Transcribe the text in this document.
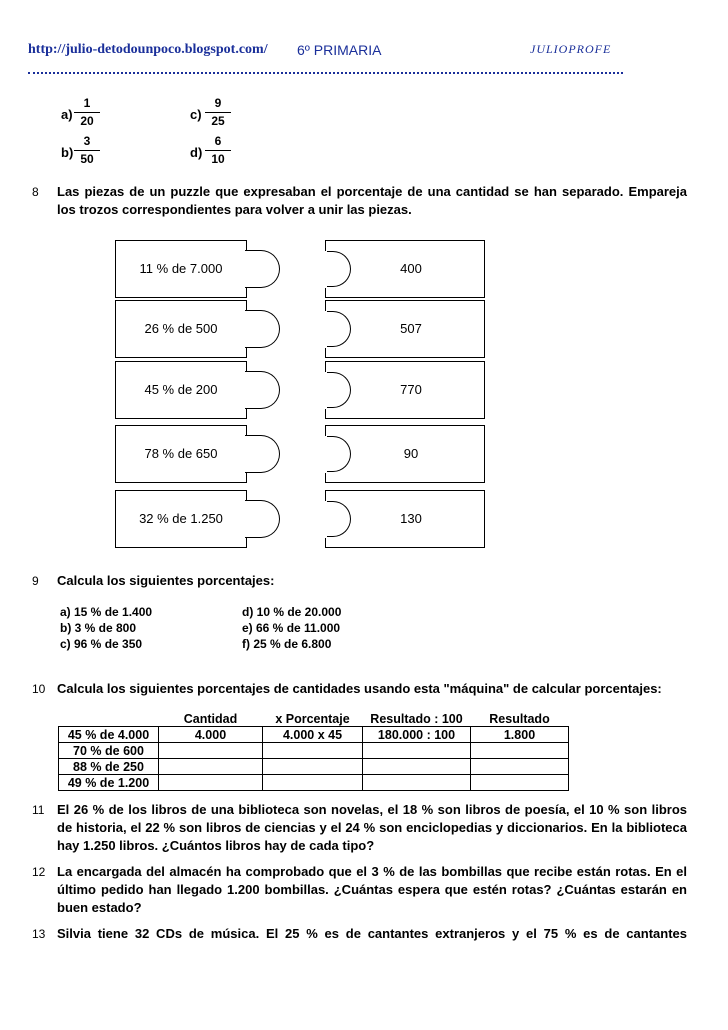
http://julio-detodounpoco.blogspot.com/ 6º PRIMARIA	JULIOPROFE
a)
1
20
b)
3
50
c)
9
25
d)
6
10
8 Las piezas de un puzzle que expresaban el porcentaje de una cantidad se han separado. Empareja los trozos correspondientes para volver a unir las piezas.
11 % de 7.000	400
26 % de 500	507
45 % de 200	770
78 % de 650	90
32 % de 1.250	130
9 Calcula los siguientes porcentajes:
a) 15 % de 1.400
b) 3 % de 800
c) 96 % de 350
d) 10 % de 20.000
e) 66 % de 11.000
f) 25 % de 6.800
10 Calcula los siguientes porcentajes de cantidades usando esta "máquina" de calcular porcentajes:
	Cantidad	x Porcentaje	Resultado : 100	Resultado
45 % de 4.000	4.000	4.000 x 45	180.000 : 100	1.800
70 % de 600				
88 % de 250				
49 % de 1.200				
11 El 26 % de los libros de una biblioteca son novelas, el 18 % son libros de poesía, el 10 % son libros de historia, el 22 % son libros de ciencias y el 24 % son enciclopedias y diccionarios. En la biblioteca hay 1.250 libros. ¿Cuántos libros hay de cada tipo?
12 La encargada del almacén ha comprobado que el 3 % de las bombillas que recibe están rotas. En el último pedido han llegado 1.200 bombillas. ¿Cuántas espera que estén rotas? ¿Cuántas estarán en buen estado?
13 Silvia tiene 32 CDs de música. El 25 % es de cantantes extranjeros y el 75 % es de cantantes
